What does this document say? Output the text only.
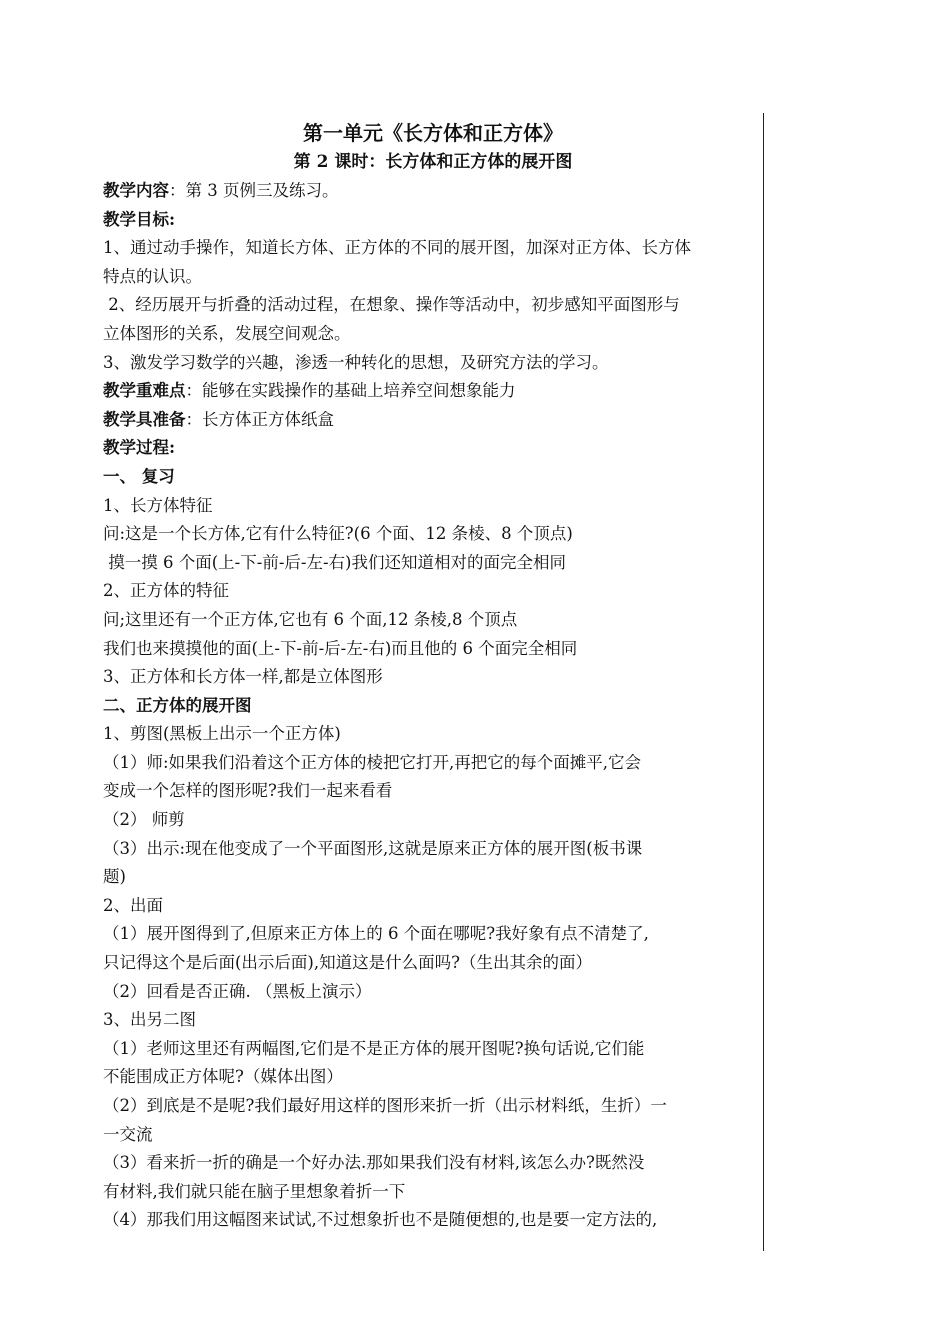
第一单元《长方体和正方体》
第 2 课时：长方体和正方体的展开图
教学内容：第 3 页例三及练习。
教学目标:
1、通过动手操作，知道长方体、正方体的不同的展开图，加深对正方体、长方体
特点的认识。
2、经历展开与折叠的活动过程，在想象、操作等活动中，初步感知平面图形与
立体图形的关系，发展空间观念。
3、激发学习数学的兴趣，渗透一种转化的思想，及研究方法的学习。
教学重难点：能够在实践操作的基础上培养空间想象能力
教学具准备：长方体正方体纸盒
教学过程:
一、 复习
1、长方体特征
问:这是一个长方体,它有什么特征?(6 个面、12 条棱、8 个顶点)
摸一摸 6 个面(上-下-前-后-左-右)我们还知道相对的面完全相同
2、正方体的特征
问;这里还有一个正方体,它也有 6 个面,12 条棱,8 个顶点
我们也来摸摸他的面(上-下-前-后-左-右)而且他的 6 个面完全相同
3、正方体和长方体一样,都是立体图形
二、正方体的展开图
1、剪图(黑板上出示一个正方体)
（1）师:如果我们沿着这个正方体的棱把它打开,再把它的每个面摊平,它会
变成一个怎样的图形呢?我们一起来看看
（2） 师剪
（3）出示:现在他变成了一个平面图形,这就是原来正方体的展开图(板书课
题)
2、出面
（1）展开图得到了,但原来正方体上的 6 个面在哪呢?我好象有点不清楚了,
只记得这个是后面(出示后面),知道这是什么面吗?（生出其余的面）
（2）回看是否正确. （黑板上演示）
3、出另二图
（1）老师这里还有两幅图,它们是不是正方体的展开图呢?换句话说,它们能
不能围成正方体呢?（媒体出图）
（2）到底是不是呢?我们最好用这样的图形来折一折（出示材料纸，生折）一
一交流
（3）看来折一折的确是一个好办法.那如果我们没有材料,该怎么办?既然没
有材料,我们就只能在脑子里想象着折一下
（4）那我们用这幅图来试试,不过想象折也不是随便想的,也是要一定方法的,
